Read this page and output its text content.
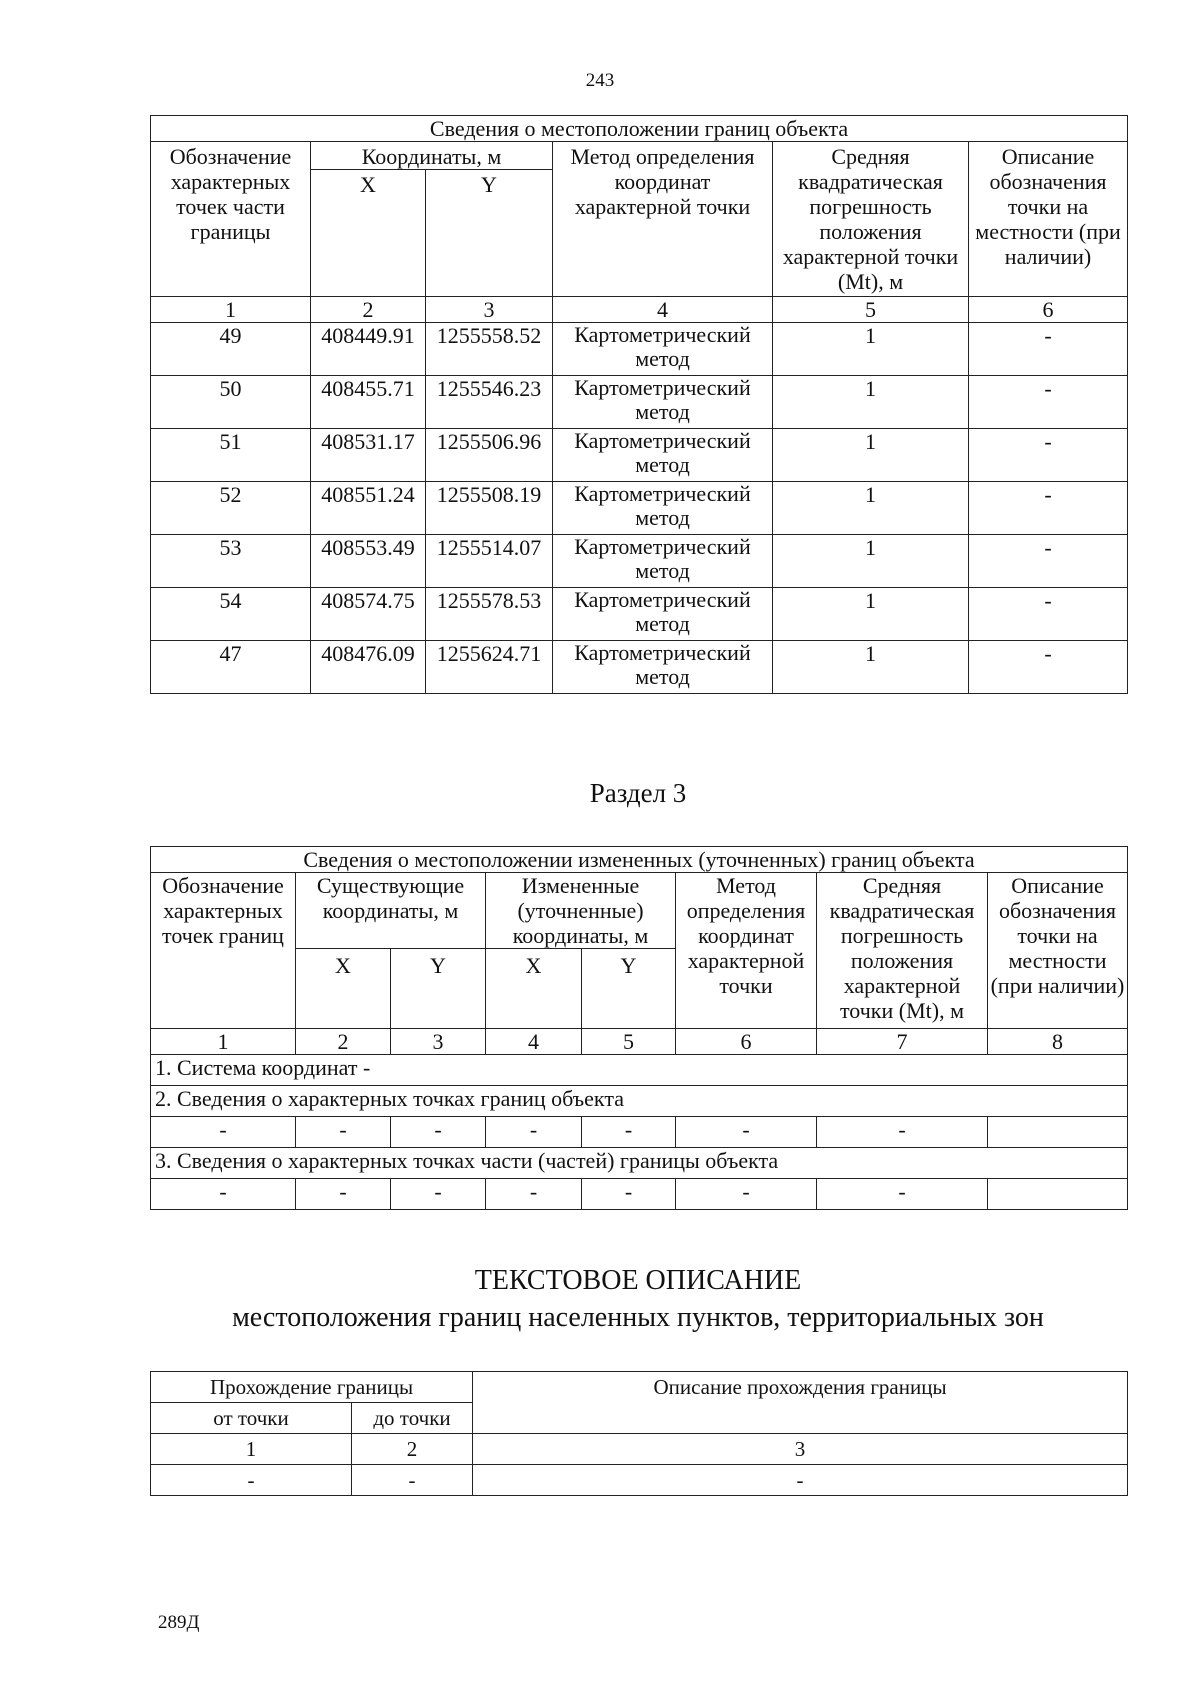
243
Сведения о местоположении границ объекта					
Обозначение характерных точек части границы	Координаты, м		Метод определения координат характерной точки	Средняя квадратическая погрешность положения характерной точки (Mt), м	Описание обозначения точки на местности (при наличии)
	X	Y			
1	2	3	4	5	6
49	408449.91	1255558.52	Картометрический метод	1	-
50	408455.71	1255546.23	Картометрический метод	1	-
51	408531.17	1255506.96	Картометрический метод	1	-
52	408551.24	1255508.19	Картометрический метод	1	-
53	408553.49	1255514.07	Картометрический метод	1	-
54	408574.75	1255578.53	Картометрический метод	1	-
47	408476.09	1255624.71	Картометрический метод	1	-
Раздел 3
Сведения о местоположении измененных (уточненных) границ объекта							
Обозначение характерных точек границ	Существующие координаты, м		Измененные (уточненные) координаты, м		Метод определения координат характерной точки	Средняя квадратическая погрешность положения характерной точки (Mt), м	Описание обозначения точки на местности (при наличии)
	X	Y	X	Y			
1	2	3	4	5	6	7	8
1. Система координат -							
2. Сведения о характерных точках границ объекта							
-	-	-	-	-	-	-	
3. Сведения о характерных точках части (частей) границы объекта							
-	-	-	-	-	-	-	
ТЕКСТОВОЕ ОПИСАНИЕ
местоположения границ населенных пунктов, территориальных зон
Прохождение границы		Описание прохождения границы
от точки	до точки	
1	2	3
-	-	-
289Д
